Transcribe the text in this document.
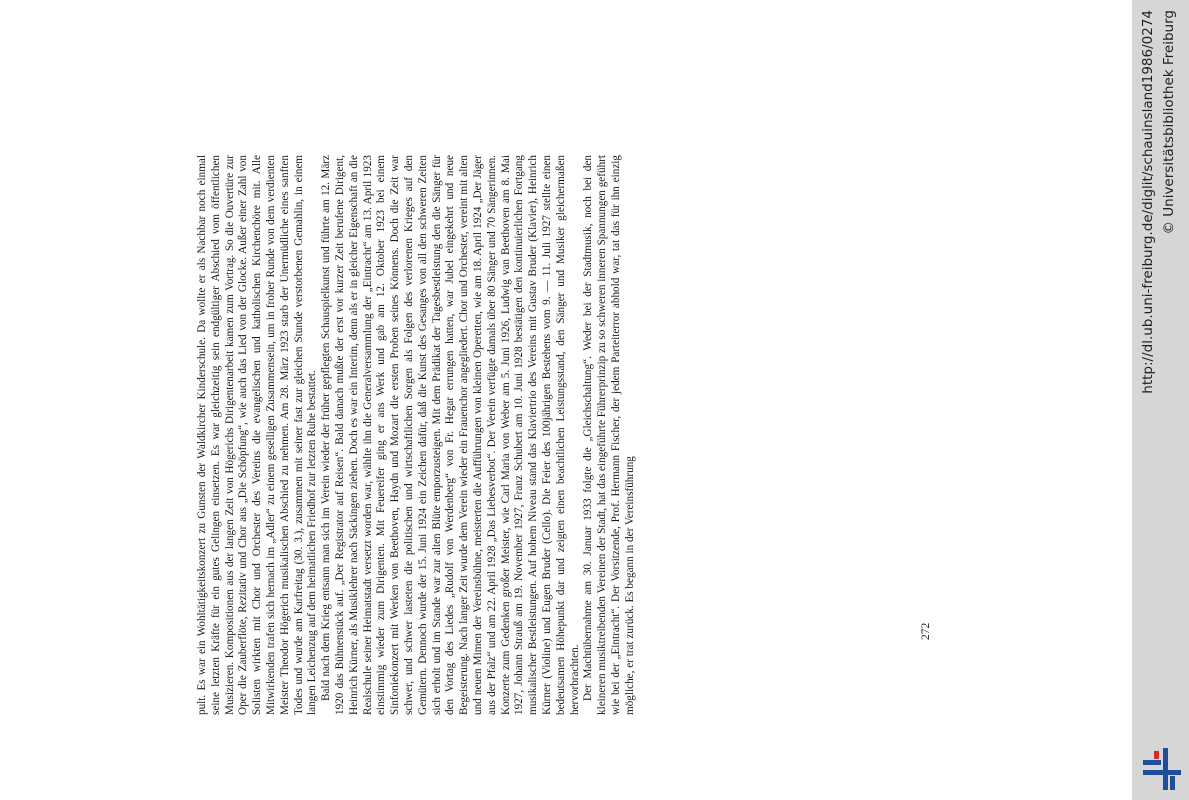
pult. Es war ein Wohltätigkeitskonzert zu Gunsten der Waldkircher Kinderschule. Da wollte er als Nachbar noch einmal seine letzten Kräfte für ein gutes Gelingen einsetzen. Es war gleichzeitig sein endgültiger Abschied vom öffentlichen Musizieren. Kompositionen aus der langen Zeit von Högerichs Dirigentenarbeit kamen zum Vortrag. So die Ouvertüre zur Oper die Zauberflöte, Rezitativ und Chor aus „Die Schöpfung“, wie auch das Lied von der Glocke. Außer einer Zahl von Solisten wirkten mit Chor und Orchester des Vereins die evangelischen und katholischen Kirchenchöre mit. Alle Mitwirkenden trafen sich hernach im „Adler“ zu einem geselligen Zusammensein, um in froher Runde von dem verdienten Meister Theodor Högerich musikalischen Abschied zu nehmen. Am 28. März 1923 starb der Unermüdliche eines sanften Todes und wurde am Karfreitag (30. 3.), zusammen mit seiner fast zur gleichen Stunde verstorbenen Gemahlin, in einem langen Leichenzug auf dem heimatlichen Friedhof zur letzten Ruhe bestattet. Bald nach dem Krieg entsann man sich im Verein wieder der früher gepflegten Schauspielkunst und führte am 12. März 1920 das Bühnenstück auf. „Der Registrator auf Reisen“. Bald danach mußte der erst vor kurzer Zeit berufene Dirigent, Heinrich Kürner, als Musiklehrer nach Säckingen ziehen. Doch es war ein Interim, denn als er in gleicher Eigenschaft an die Realschule seiner Heimatstadt versetzt worden war, wählte ihn die Generalversammlung der „Eintracht“ am 13. April 1923 einstimmig wieder zum Dirigenten. Mit Feuereifer ging er ans Werk und gab am 12. Oktober 1923 bei einem Sinfoniekonzert mit Werken von Beethoven, Haydn und Mozart die ersten Proben seines Könnens. Doch die Zeit war schwer, und schwer lasteten die politischen und wirtschaftlichen Sorgen als Folgen des verlorenen Krieges auf den Gemütern. Dennoch wurde der 15. Juni 1924 ein Zeichen dafür, daß die Kunst des Gesanges von all den schweren Zeiten sich erholt und im Stande war zur alten Blüte emporzusteigen. Mit dem Prädikat der Tagesbestleistung den die Sänger für den Vortag des Liedes „Rudolf von Werdenberg“ von Fr. Hegar errungen hatten, war Jubel eingekehrt und neue Begeisterung. Nach langer Zeit wurde dem Verein wieder ein Frauenchor angegliedert. Chor und Orchester, vereint mit alten und neuen Mimen der Vereinsbühne, meisterten die Aufführungen von kleinen Operetten, wie am 18. April 1924 „Der Jäger aus der Pfalz“ und am 22. April 1928 „Das Liebesverbot“. Der Verein verfügte damals über 80 Sänger und 70 Sängerinnen. Konzerte zum Gedenken großer Meister, wie Carl Maria von Weber am 5. Juni 1926, Ludwig van Beethoven am 8. Mai 1927, Johann Strauß am 19. November 1927, Franz Schubert am 10. Juni 1928 bestätigen den kontinuierlichen Fortgang musikalischer Bestleistungen. Auf hohem Niveau stand das Klaviertrio des Vereins mit Gustav Bruder (Klavier), Heinrich Kürner (Violine) und Eugen Bruder (Cello). Die Feier des 100jährigen Bestehens vom 9. — 11. Juli 1927 stellte einen bedeutsamen Höhepunkt dar und zeigten einen beachtlichen Leistungsstand, den Sänger und Musiker gleichermaßen hervorbrachten. Der Machtübernahme am 30. Januar 1933 folgte die „Gleichschaltung“. Weder bei der Stadtmusik, noch bei den kleineren musiktreibenden Vereinen der Stadt, hat das eingeführte Führerprinzip zu so schweren inneren Spannungen geführt wie bei der „Eintracht“. Der Vorsitzende, Prof. Hermann Fischer, der jedem Parteiterror abhold war, tat das für ihn einzig mögliche, er trat zurück. Es begann in der Vereinsführung	272
http://dl.ub.uni-freiburg.de/diglit/schauinsland1986/0274 © Universitätsbibliothek Freiburg
